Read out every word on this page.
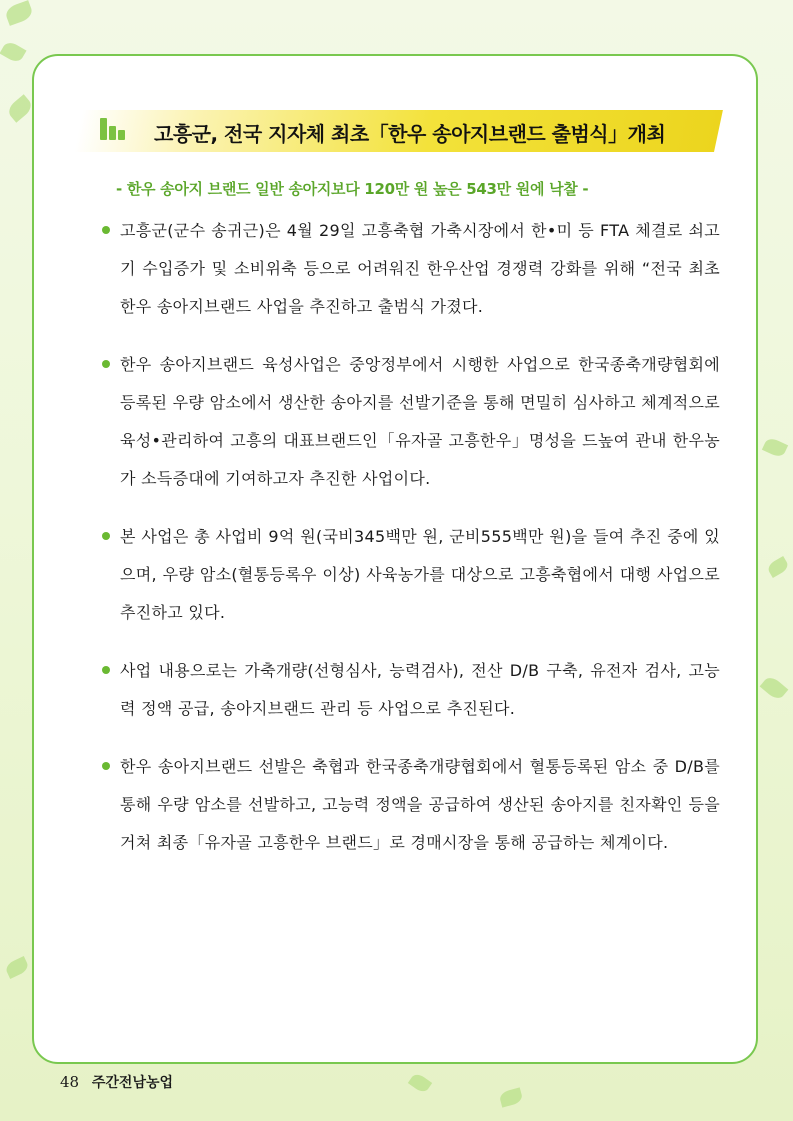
고흥군, 전국 지자체 최초「한우 송아지브랜드 출범식」개최
- 한우 송아지 브랜드 일반 송아지보다 120만 원 높은 543만 원에 낙찰 -
고흥군(군수 송귀근)은 4월 29일 고흥축협 가축시장에서 한•미 등 FTA 체결로 쇠고기 수입증가 및 소비위축 등으로 어려워진 한우산업 경쟁력 강화를 위해 “전국 최초 한우 송아지브랜드 사업을 추진하고 출범식 가졌다.
한우 송아지브랜드 육성사업은 중앙정부에서 시행한 사업으로 한국종축개량협회에 등록된 우량 암소에서 생산한 송아지를 선발기준을 통해 면밀히 심사하고 체계적으로 육성•관리하여 고흥의 대표브랜드인「유자골 고흥한우」명성을 드높여 관내 한우농가 소득증대에 기여하고자 추진한 사업이다.
본 사업은 총 사업비 9억 원(국비345백만 원, 군비555백만 원)을 들여 추진 중에 있으며, 우량 암소(혈통등록우 이상) 사육농가를 대상으로 고흥축협에서 대행 사업으로 추진하고 있다.
사업 내용으로는 가축개량(선형심사, 능력검사), 전산 D/B 구축, 유전자 검사, 고능력 정액 공급, 송아지브랜드 관리 등 사업으로 추진된다.
한우 송아지브랜드 선발은 축협과 한국종축개량협회에서 혈통등록된 암소 중 D/B를 통해 우량 암소를 선발하고, 고능력 정액을 공급하여 생산된 송아지를 친자확인 등을 거쳐 최종「유자골 고흥한우 브랜드」로 경매시장을 통해 공급하는 체계이다.
48 주간전남농업
